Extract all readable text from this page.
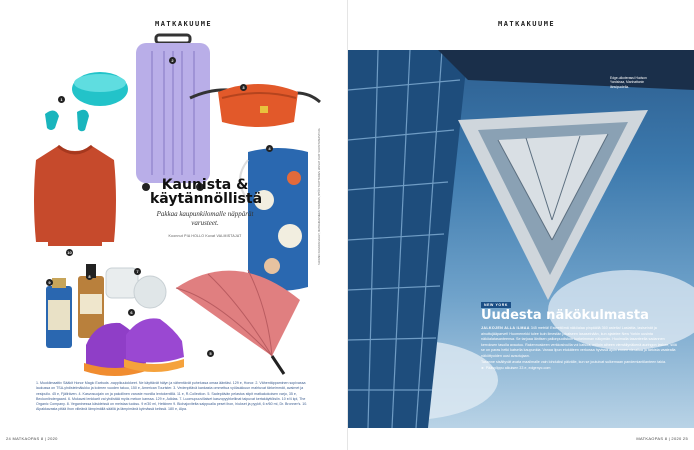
MATKAKUUME
1
2
3
10
4
Kaunista & käytännöllistä
Pakkaa kaupunkilomalle näppärät varusteet.
Koonnut PIA HOLLO Kuvat VALMISTAJAT
9
8
7
6
5
1. Muoklimaattiv Sääkit Honor Magic Earbuds -nappikuulokkeet. Ne käyttävät hälyn ja vähentävät puhelussa omaa ääntäsi. 129 e, Honor. 2. Vähentäppaminen sopivassa laukussa on TSA-yhdistelmälukko ja kolmen vuoden takuu, 150 e, American Tourister. 3. Vedenpitävä kankasta ommeltua vyölaukkuun mahtuvat tärkeimmät, avaimet ja vesipullo. 45 e, Fjällräven. 4. Kasvosuojain on ja pakollinen varuste monilla lentokentillä. 11 e, R-Collection. 5. Sadepäivän pelastus stipit matkakokoisen varjo, 35 e, Beckonlindergaard. 6. Mukavat lenkkarit vai yhdistää myös mekon kanssa. 129 e, Adidas. 7. Luomupuuvillaiset kasvopyyhkeliinat taipuvat kertakäyttöisiin. 10 e/4 kpl, The Organic Company. 8. Veganinessa käsideissä on meistaa tuoksu. 9 e/30 ml, Hetkinen 9. Biohajovitelta saippualla peset ihon, hiukset ja pyykit, 6 e/60 ml, Dr. Bronner's. 10. Alpakkavasta pitää ihon viileänä lämpimällä säällä ja lämpimänä kylmässä kelissä. 180 e, Alpa.
SUOMEN KUVAPALVELUT, MATKAKUUMEEN TOIMITUS, MYÖS TUOTTEIDEN HINNAT OVAT SUOSITUSHINTOJA
24 MATKAOPAS 8 | 2020
MATKAKUUME
Edge-ulkoterassi Hudson Yardsissa, Manhattanin länsipuolella.
NEW YORK
Uudesta näkökulmasta
JALKOJEN ALLA ILMAA 345 metriä! Esteettömä näköalaa pinpäällä 360 asteita! Laslattia, lasiseinät ja ainuttujääparvet! Huomenekki tulee kuin ilmestän jokaiseen lasaseinään, kun ajatelee New Yorkin uusinta näköalatasanteensa. Se tarjoaa läntisen pallonpuoliskon korkeimman näkymän. Huoimalla tasanteella sadannen kerroksen tasolla avautuu. Rakennuskeen verkkosivuilla voi katsoa, milloin aiheen viemällynäkenä auringon laskee, sillä se on paras hetki katsella kaupunkia. Vanaa lipun etukäteen verkossa hyvissä ajoin ennen vierailua ja tarkista vaatealla näköttyoiden uusi avautujaan.
Tasanne sisältyvät avata maailmalle vain lohduiksi päivälle, kun se joutuivat sulkemaan pandemiantilanteen takia.
► Pääsylippu aikuisen 33 e, edgenyc.com
MATKAOPAS 8 | 2020 25
